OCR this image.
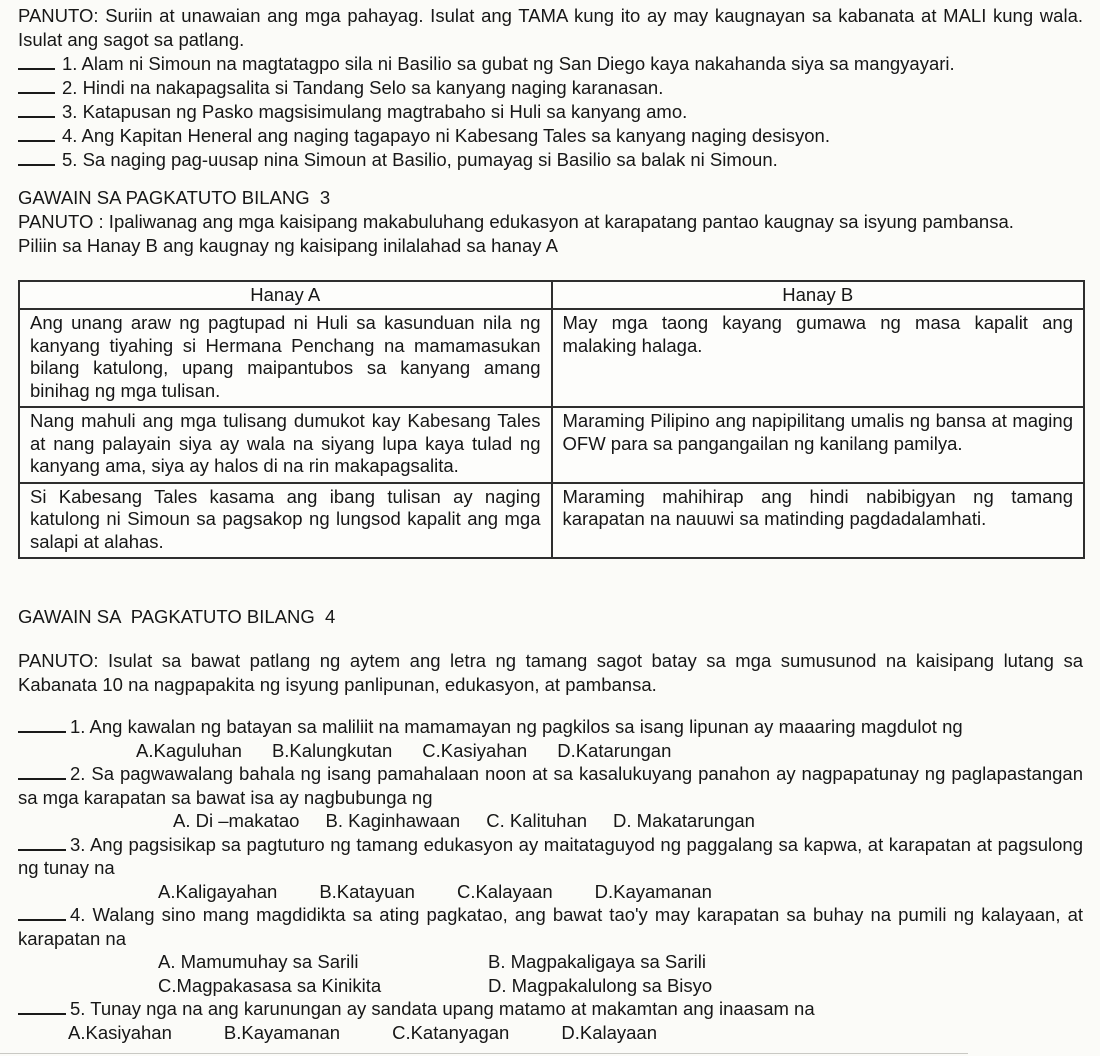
PANUTO: Suriin at unawaian ang mga pahayag. Isulat ang TAMA kung ito ay may kaugnayan sa kabanata at MALI kung wala. Isulat ang sagot sa patlang.

1. Alam ni Simoun na magtatagpo sila ni Basilio sa gubat ng San Diego kaya nakahanda siya sa mangyayari.
2. Hindi na nakapagsalita si Tandang Selo sa kanyang naging karanasan.
3. Katapusan ng Pasko magsisimulang magtrabaho si Huli sa kanyang amo.
4. Ang Kapitan Heneral ang naging tagapayo ni Kabesang Tales sa kanyang naging desisyon.
5. Sa naging pag-uusap nina Simoun at Basilio, pumayag si Basilio sa balak ni Simoun.

GAWAIN SA PAGKATUTO BILANG  3

PANUTO : Ipaliwanag ang mga kaisipang makabuluhang edukasyon at karapatang pantao kaugnay sa isyung pambansa.

Piliin sa Hanay B ang kaugnay ng kaisipang inilalahad sa hanay A

Hanay A	Hanay B
Ang unang araw ng pagtupad ni Huli sa kasunduan nila ng kanyang tiyahing si Hermana Penchang na mamamasukan bilang katulong, upang maipantubos sa kanyang amang binihag ng mga tulisan.	May mga taong kayang gumawa ng masa kapalit ang malaking halaga.
Nang mahuli ang mga tulisang dumukot kay Kabesang Tales at nang palayain siya ay wala na siyang lupa kaya tulad ng kanyang ama, siya ay halos di na rin makapagsalita.	Maraming Pilipino ang napipilitang umalis ng bansa at maging OFW para sa pangangailan ng kanilang pamilya.
Si Kabesang Tales kasama ang ibang tulisan ay naging katulong ni Simoun sa pagsakop ng lungsod kapalit ang mga salapi at alahas.	Maraming mahihirap ang hindi nabibigyan ng tamang karapatan na nauuwi sa matinding pagdadalamhati.

GAWAIN SA  PAGKATUTO BILANG  4

PANUTO: Isulat sa bawat patlang ng aytem ang letra ng tamang sagot batay sa mga sumusunod na kaisipang lutang sa Kabanata 10 na nagpapakita ng isyung panlipunan, edukasyon, at pambansa.

1. Ang kawalan ng batayan sa maliliit na mamamayan ng pagkilos sa isang lipunan ay maaaring magdulot ng

A.Kaguluhan B.Kalungkutan C.Kasiyahan D.Katarungan

2. Sa pagwawalang bahala ng isang pamahalaan noon at sa kasalukuyang panahon ay nagpapatunay ng paglapastangan sa mga karapatan sa bawat isa ay nagbubunga ng

A. Di –makatao B. Kaginhawaan C. Kalituhan D. Makatarungan

3. Ang pagsisikap sa pagtuturo ng tamang edukasyon ay maitataguyod ng paggalang sa kapwa, at karapatan at pagsulong ng tunay na

A.Kaligayahan B.Katayuan C.Kalayaan D.Kayamanan

4. Walang sino mang magdidikta sa ating pagkatao, ang bawat tao'y may karapatan sa buhay na pumili ng kalayaan, at karapatan na

A. Mamumuhay sa Sarili	B. Magpakaligaya sa Sarili
C.Magpakasasa sa Kinikita	D. Magpakalulong sa Bisyo

5. Tunay nga na ang karunungan ay sandata upang matamo at makamtan ang inaasam na

A.Kasiyahan	B.Kayamanan	C.Katanyagan	D.Kalayaan
